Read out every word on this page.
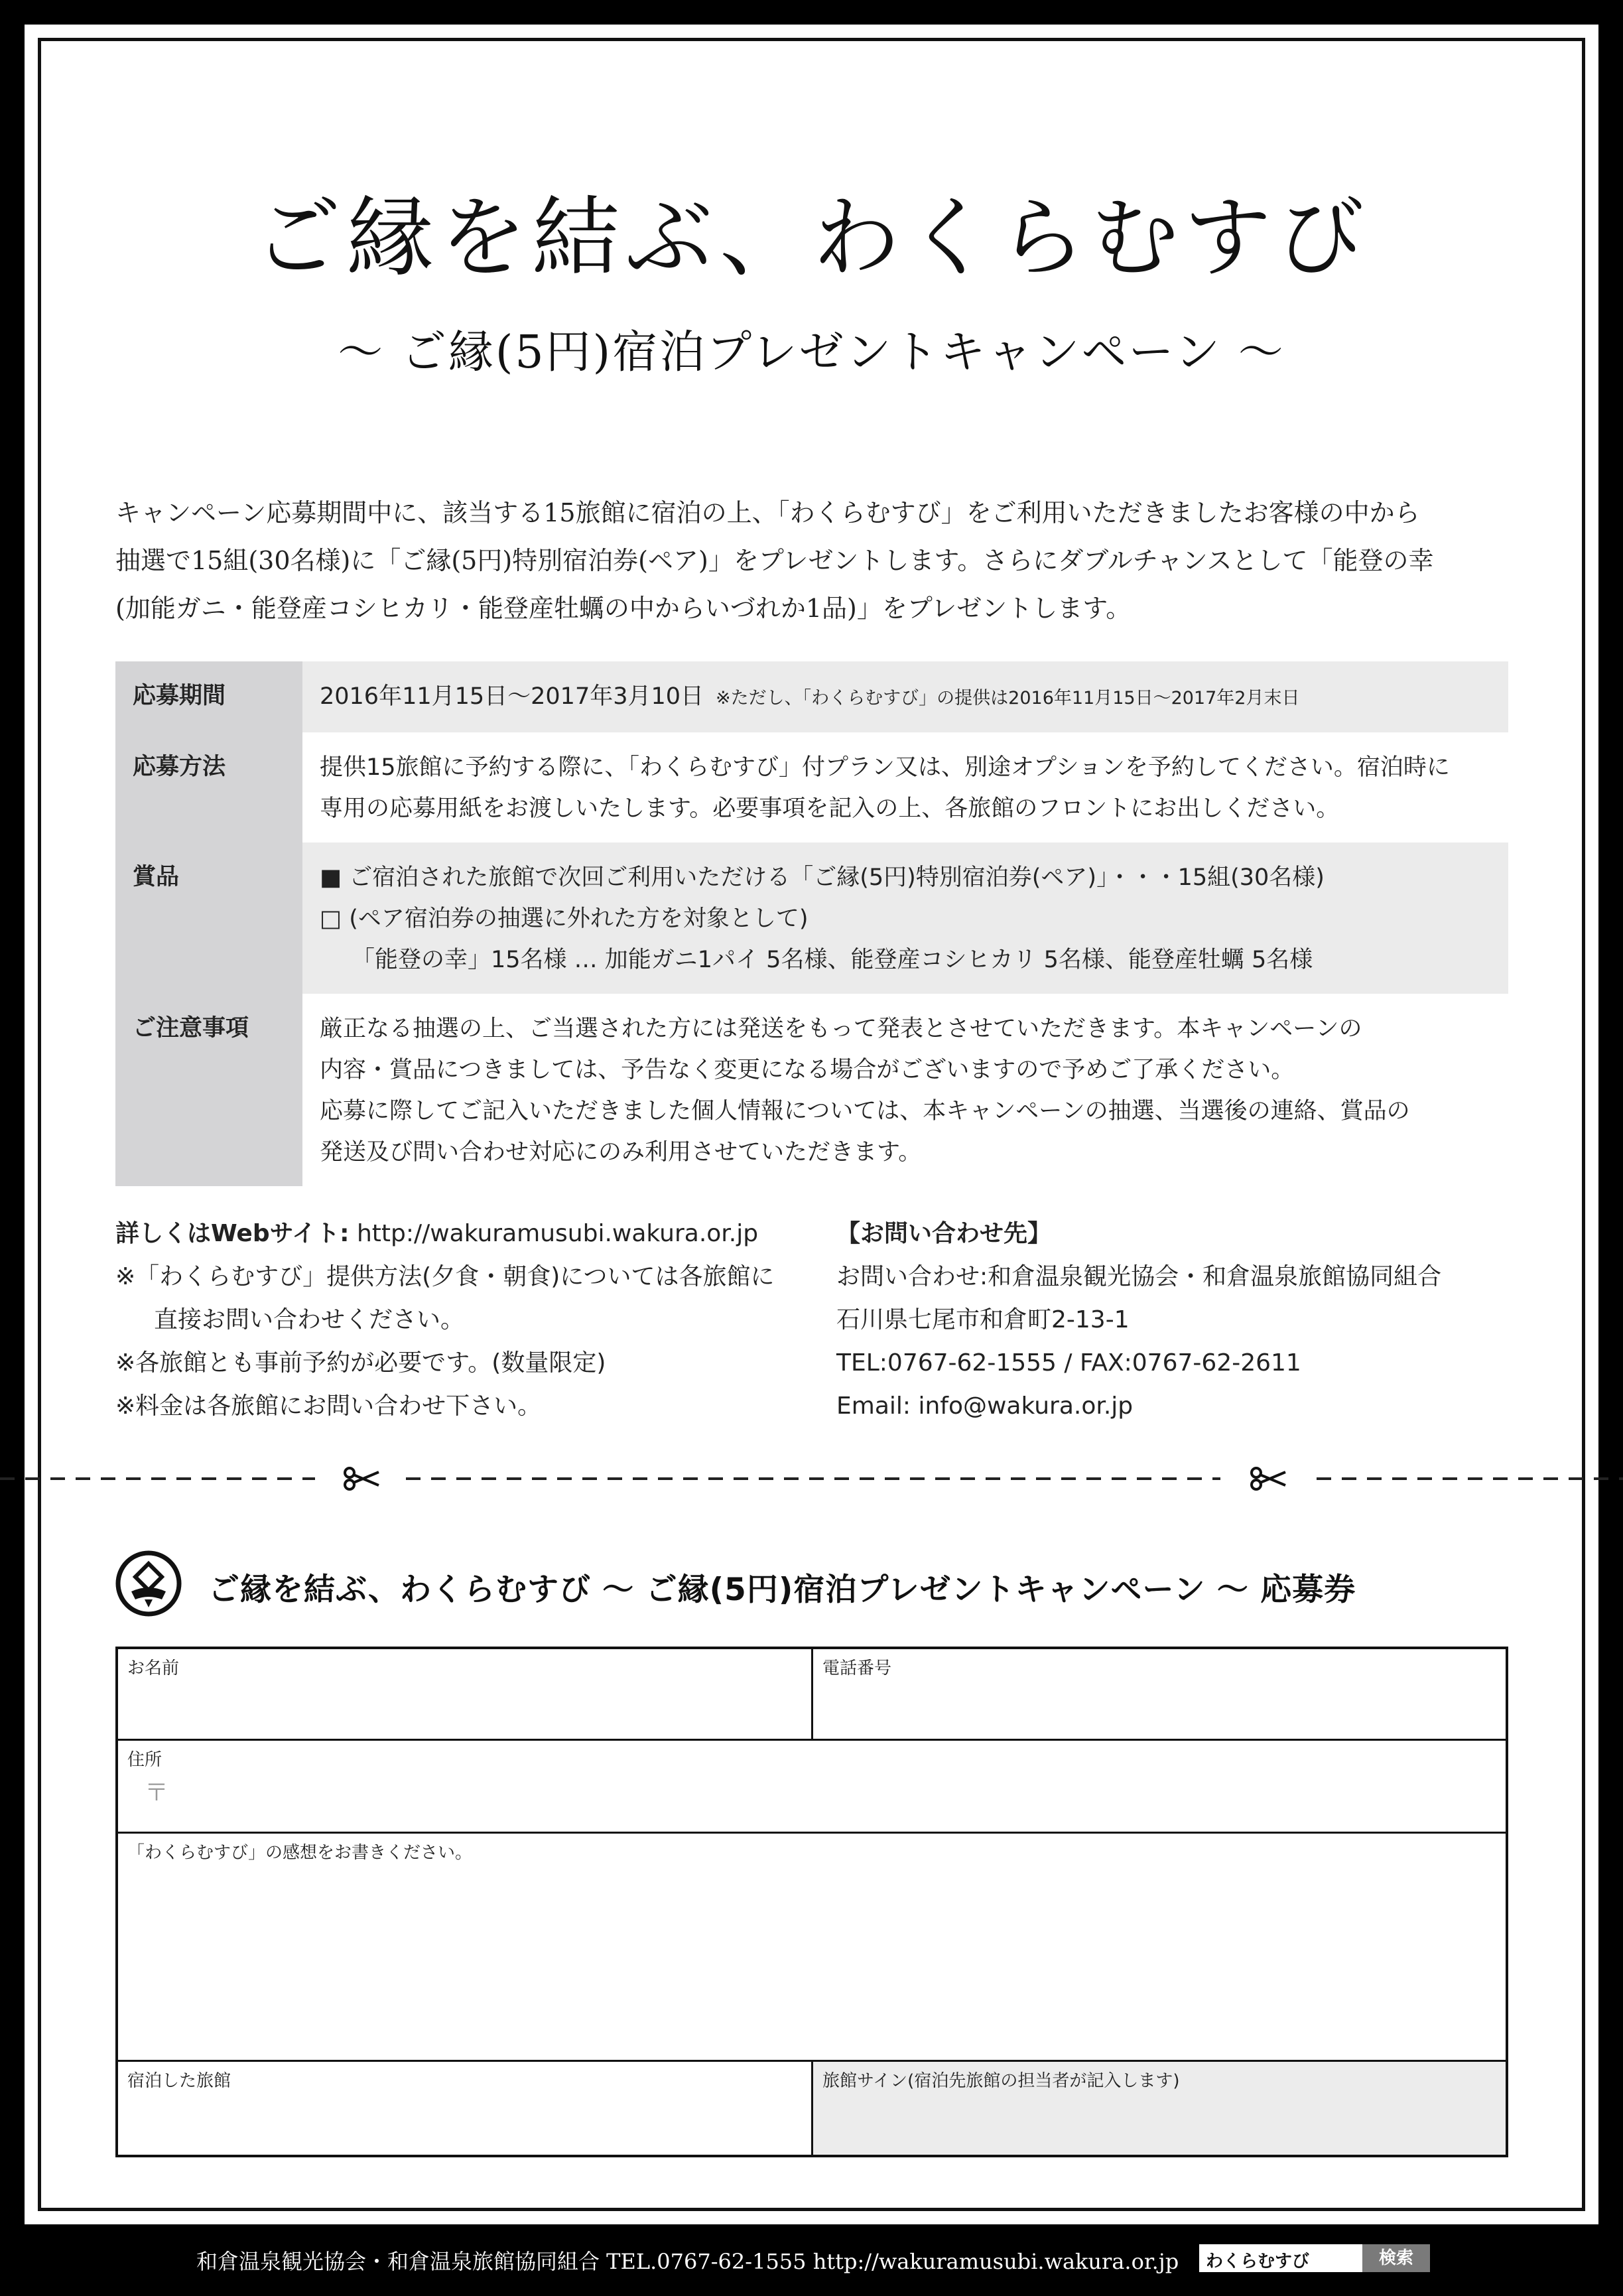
ご縁を結ぶ、わくらむすび
〜 ご縁(5円)宿泊プレゼントキャンペーン 〜
キャンペーン応募期間中に、該当する15旅館に宿泊の上、「わくらむすび」をご利用いただきましたお客様の中から
抽選で15組(30名様)に「ご縁(5円)特別宿泊券(ペア)」をプレゼントします。さらにダブルチャンスとして「能登の幸
(加能ガニ・能登産コシヒカリ・能登産牡蠣の中からいづれか1品)」をプレゼントします。
応募期間	2016年11月15日〜2017年3月10日 ※ただし、「わくらむすび」の提供は2016年11月15日〜2017年2月末日
応募方法	提供15旅館に予約する際に、「わくらむすび」付プラン又は、別途オプションを予約してください。宿泊時に
専用の応募用紙をお渡しいたします。必要事項を記入の上、各旅館のフロントにお出しください。

賞品	■ ご宿泊された旅館で次回ご利用いただける「ご縁(5円)特別宿泊券(ペア)」・・・15組(30名様)
□ (ペア宿泊券の抽選に外れた方を対象として)
「能登の幸」15名様 … 加能ガニ1パイ 5名様、能登産コシヒカリ 5名様、能登産牡蠣 5名様

ご注意事項	厳正なる抽選の上、ご当選された方には発送をもって発表とさせていただきます。本キャンペーンの
内容・賞品につきましては、予告なく変更になる場合がございますので予めご了承ください。
応募に際してご記入いただきました個人情報については、本キャンペーンの抽選、当選後の連絡、賞品の
発送及び問い合わせ対応にのみ利用させていただきます。
詳しくはWebサイト: http://wakuramusubi.wakura.or.jp
※「わくらむすび」提供方法(夕食・朝食)については各旅館に
直接お問い合わせください。
※各旅館とも事前予約が必要です。(数量限定)
※料金は各旅館にお問い合わせ下さい。
【お問い合わせ先】
お問い合わせ:和倉温泉観光協会・和倉温泉旅館協同組合
石川県七尾市和倉町2-13-1
TEL:0767-62-1555 / FAX:0767-62-2611
Email: info@wakura.or.jp
ご縁を結ぶ、わくらむすび 〜 ご縁(5円)宿泊プレゼントキャンペーン 〜 応募券
お名前	電話番号
住所
〒
「わくらむすび」の感想をお書きください。
宿泊した旅館	旅館サイン(宿泊先旅館の担当者が記入します)
和倉温泉観光協会・和倉温泉旅館協同組合 TEL.0767-62-1555 http://wakuramusubi.wakura.or.jp	わくらむすび	検索
